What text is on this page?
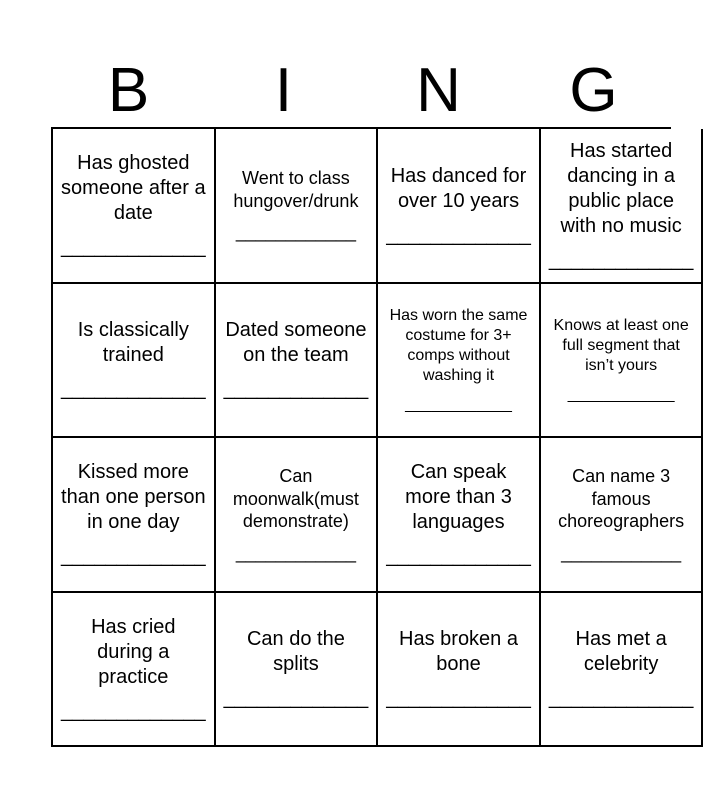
B	I	N	G
Has ghosted someone after a date
_____________
Went to class hungover/drunk
____________
Has danced for over 10 years
_____________
Has started dancing in a public place with no music
_____________
Is classically trained
_____________
Dated someone on the team
_____________
Has worn the same costume for 3+ comps without washing it
____________
Knows at least one full segment that isn’t yours
____________
Kissed more than one person in one day
_____________
Can moonwalk(must demonstrate)
____________
Can speak more than 3 languages
_____________
Can name 3 famous choreographers
____________
Has cried during a practice
_____________
Can do the splits
_____________
Has broken a bone
_____________
Has met a celebrity
_____________
